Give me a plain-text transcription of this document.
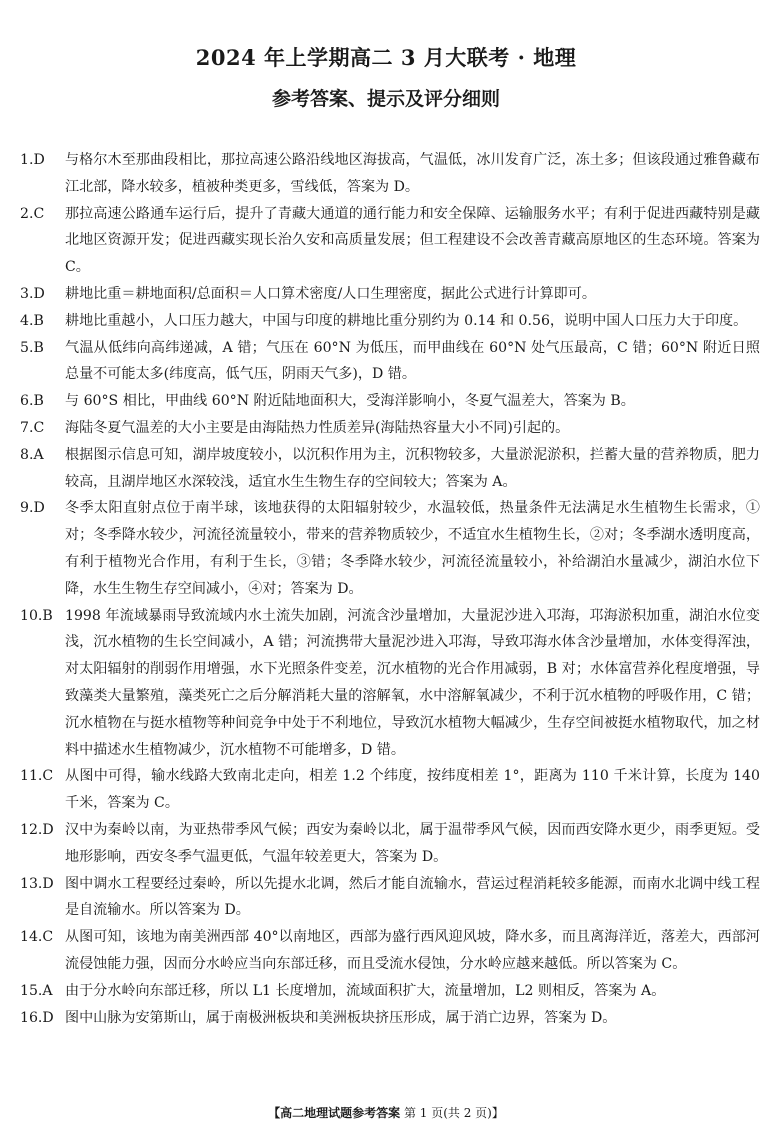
2024 年上学期高二 3 月大联考 · 地理
参考答案、提示及评分细则
1.D	与格尔木至那曲段相比，那拉高速公路沿线地区海拔高，气温低，冰川发育广泛，冻土多；但该段通过雅鲁藏布江北部，降水较多，植被种类更多，雪线低，答案为 D。
2.C	那拉高速公路通车运行后，提升了青藏大通道的通行能力和安全保障、运输服务水平；有利于促进西藏特别是藏北地区资源开发；促进西藏实现长治久安和高质量发展；但工程建设不会改善青藏高原地区的生态环境。答案为 C。
3.D	耕地比重＝耕地面积/总面积＝人口算术密度/人口生理密度，据此公式进行计算即可。
4.B	耕地比重越小，人口压力越大，中国与印度的耕地比重分别约为 0.14 和 0.56，说明中国人口压力大于印度。
5.B	气温从低纬向高纬递减，A 错；气压在 60°N 为低压，而甲曲线在 60°N 处气压最高，C 错；60°N 附近日照总量不可能太多(纬度高，低气压，阴雨天气多)，D 错。
6.B	与 60°S 相比，甲曲线 60°N 附近陆地面积大，受海洋影响小，冬夏气温差大，答案为 B。
7.C	海陆冬夏气温差的大小主要是由海陆热力性质差异(海陆热容量大小不同)引起的。
8.A	根据图示信息可知，湖岸坡度较小，以沉积作用为主，沉积物较多，大量淤泥淤积，拦蓄大量的营养物质，肥力较高，且湖岸地区水深较浅，适宜水生生物生存的空间较大；答案为 A。
9.D	冬季太阳直射点位于南半球，该地获得的太阳辐射较少，水温较低，热量条件无法满足水生植物生长需求，①对；冬季降水较少，河流径流量较小，带来的营养物质较少，不适宜水生植物生长，②对；冬季湖水透明度高，有利于植物光合作用，有利于生长，③错；冬季降水较少，河流径流量较小，补给湖泊水量减少，湖泊水位下降，水生生物生存空间减小，④对；答案为 D。
10.B 1998 年流域暴雨导致流域内水土流失加剧，河流含沙量增加，大量泥沙进入邛海，邛海淤积加重，湖泊水位变浅，沉水植物的生长空间减小，A 错；河流携带大量泥沙进入邛海，导致邛海水体含沙量增加，水体变得浑浊，对太阳辐射的削弱作用增强，水下光照条件变差，沉水植物的光合作用减弱，B 对；水体富营养化程度增强，导致藻类大量繁殖，藻类死亡之后分解消耗大量的溶解氧，水中溶解氧减少，不利于沉水植物的呼吸作用，C 错；沉水植物在与挺水植物等种间竞争中处于不利地位，导致沉水植物大幅减少，生存空间被挺水植物取代，加之材料中描述水生植物减少，沉水植物不可能增多，D 错。
11.C 从图中可得，输水线路大致南北走向，相差 1.2 个纬度，按纬度相差 1°，距离为 110 千米计算，长度为 140 千米，答案为 C。
12.D 汉中为秦岭以南，为亚热带季风气候；西安为秦岭以北，属于温带季风气候，因而西安降水更少，雨季更短。受地形影响，西安冬季气温更低，气温年较差更大，答案为 D。
13.D 图中调水工程要经过秦岭，所以先提水北调，然后才能自流输水，营运过程消耗较多能源，而南水北调中线工程是自流输水。所以答案为 D。
14.C 从图可知，该地为南美洲西部 40°以南地区，西部为盛行西风迎风坡，降水多，而且离海洋近，落差大，西部河流侵蚀能力强，因而分水岭应当向东部迁移，而且受流水侵蚀，分水岭应越来越低。所以答案为 C。
15.A 由于分水岭向东部迁移，所以 L1 长度增加，流域面积扩大，流量增加，L2 则相反，答案为 A。
16.D 图中山脉为安第斯山，属于南极洲板块和美洲板块挤压形成，属于消亡边界，答案为 D。
【高二地理试题参考答案 第 1 页(共 2 页)】
